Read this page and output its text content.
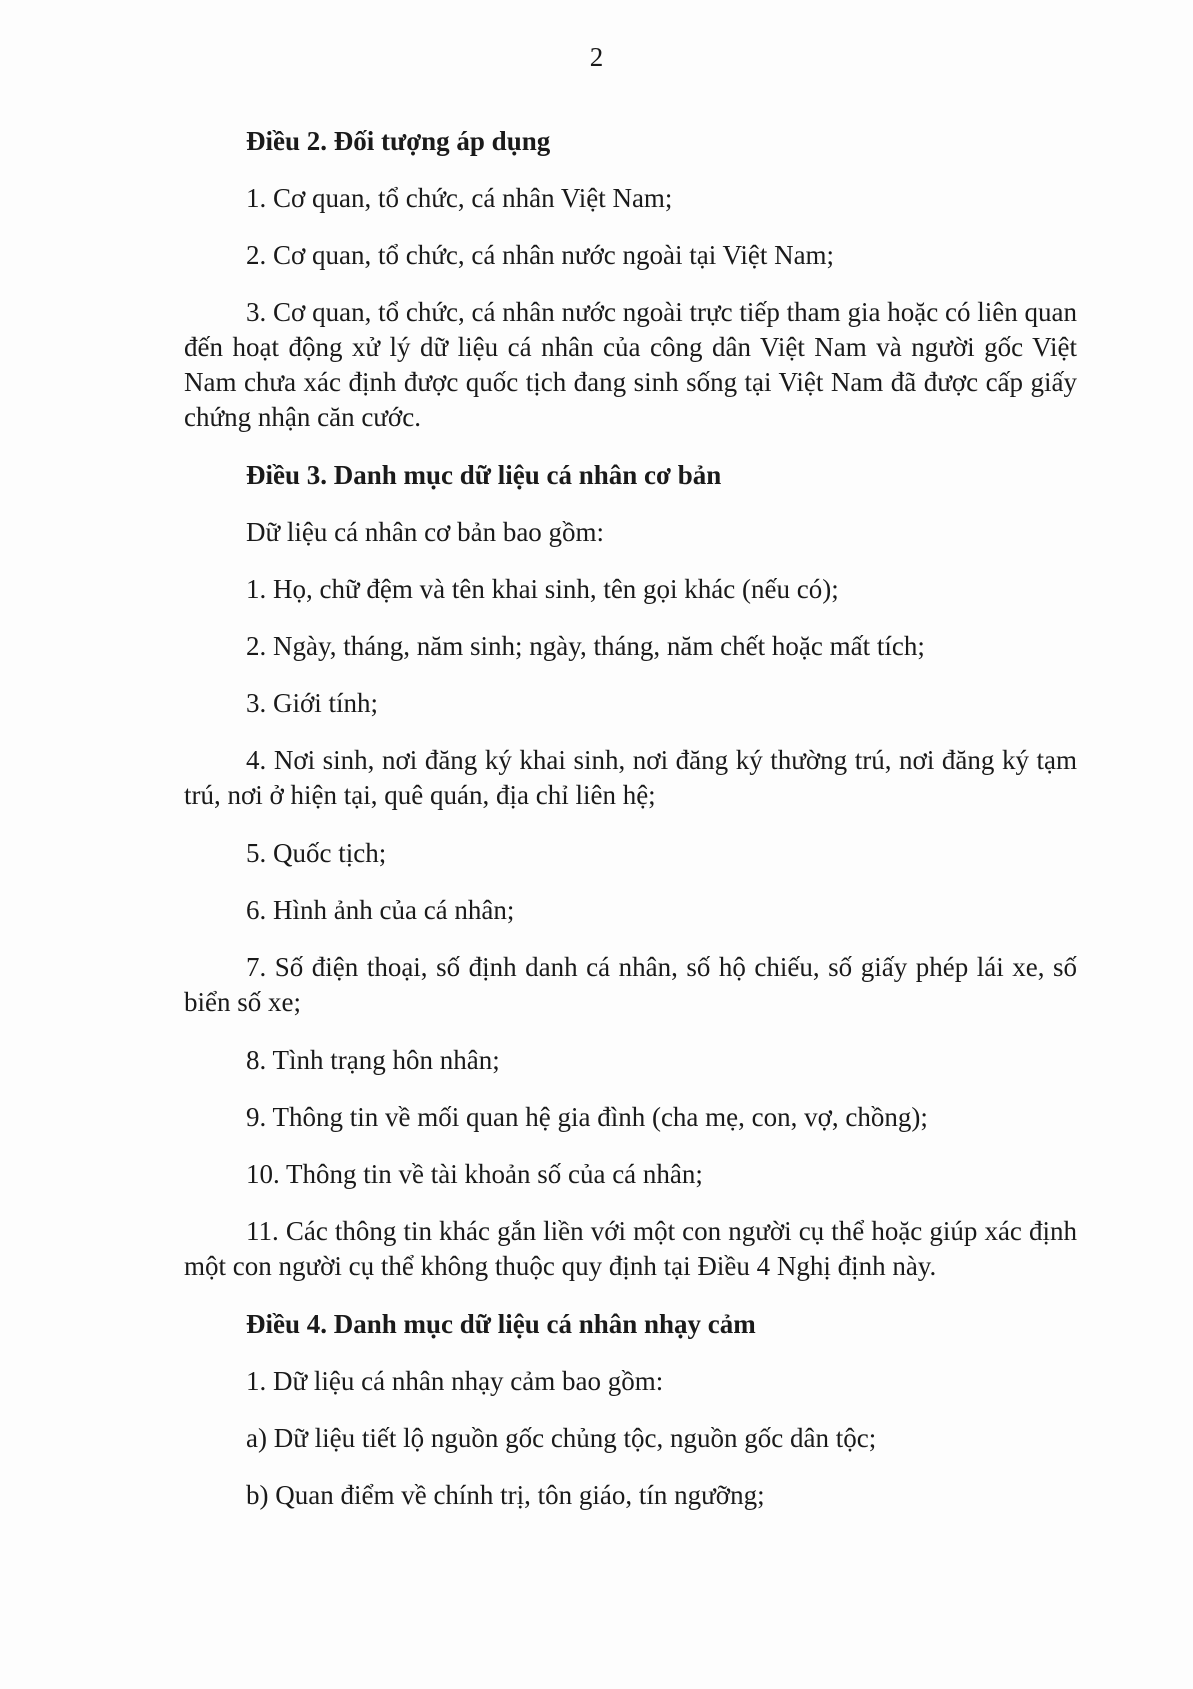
2
Điều 2. Đối tượng áp dụng

1. Cơ quan, tổ chức, cá nhân Việt Nam;

2. Cơ quan, tổ chức, cá nhân nước ngoài tại Việt Nam;

3. Cơ quan, tổ chức, cá nhân nước ngoài trực tiếp tham gia hoặc có liên quan đến hoạt động xử lý dữ liệu cá nhân của công dân Việt Nam và người gốc Việt Nam chưa xác định được quốc tịch đang sinh sống tại Việt Nam đã được cấp giấy chứng nhận căn cước.

Điều 3. Danh mục dữ liệu cá nhân cơ bản

Dữ liệu cá nhân cơ bản bao gồm:

1. Họ, chữ đệm và tên khai sinh, tên gọi khác (nếu có);

2. Ngày, tháng, năm sinh; ngày, tháng, năm chết hoặc mất tích;

3. Giới tính;

4. Nơi sinh, nơi đăng ký khai sinh, nơi đăng ký thường trú, nơi đăng ký tạm trú, nơi ở hiện tại, quê quán, địa chỉ liên hệ;

5. Quốc tịch;

6. Hình ảnh của cá nhân;

7. Số điện thoại, số định danh cá nhân, số hộ chiếu, số giấy phép lái xe, số biển số xe;

8. Tình trạng hôn nhân;

9. Thông tin về mối quan hệ gia đình (cha mẹ, con, vợ, chồng);

10. Thông tin về tài khoản số của cá nhân;

11. Các thông tin khác gắn liền với một con người cụ thể hoặc giúp xác định một con người cụ thể không thuộc quy định tại Điều 4 Nghị định này.

Điều 4. Danh mục dữ liệu cá nhân nhạy cảm

1. Dữ liệu cá nhân nhạy cảm bao gồm:

a) Dữ liệu tiết lộ nguồn gốc chủng tộc, nguồn gốc dân tộc;

b) Quan điểm về chính trị, tôn giáo, tín ngưỡng;
